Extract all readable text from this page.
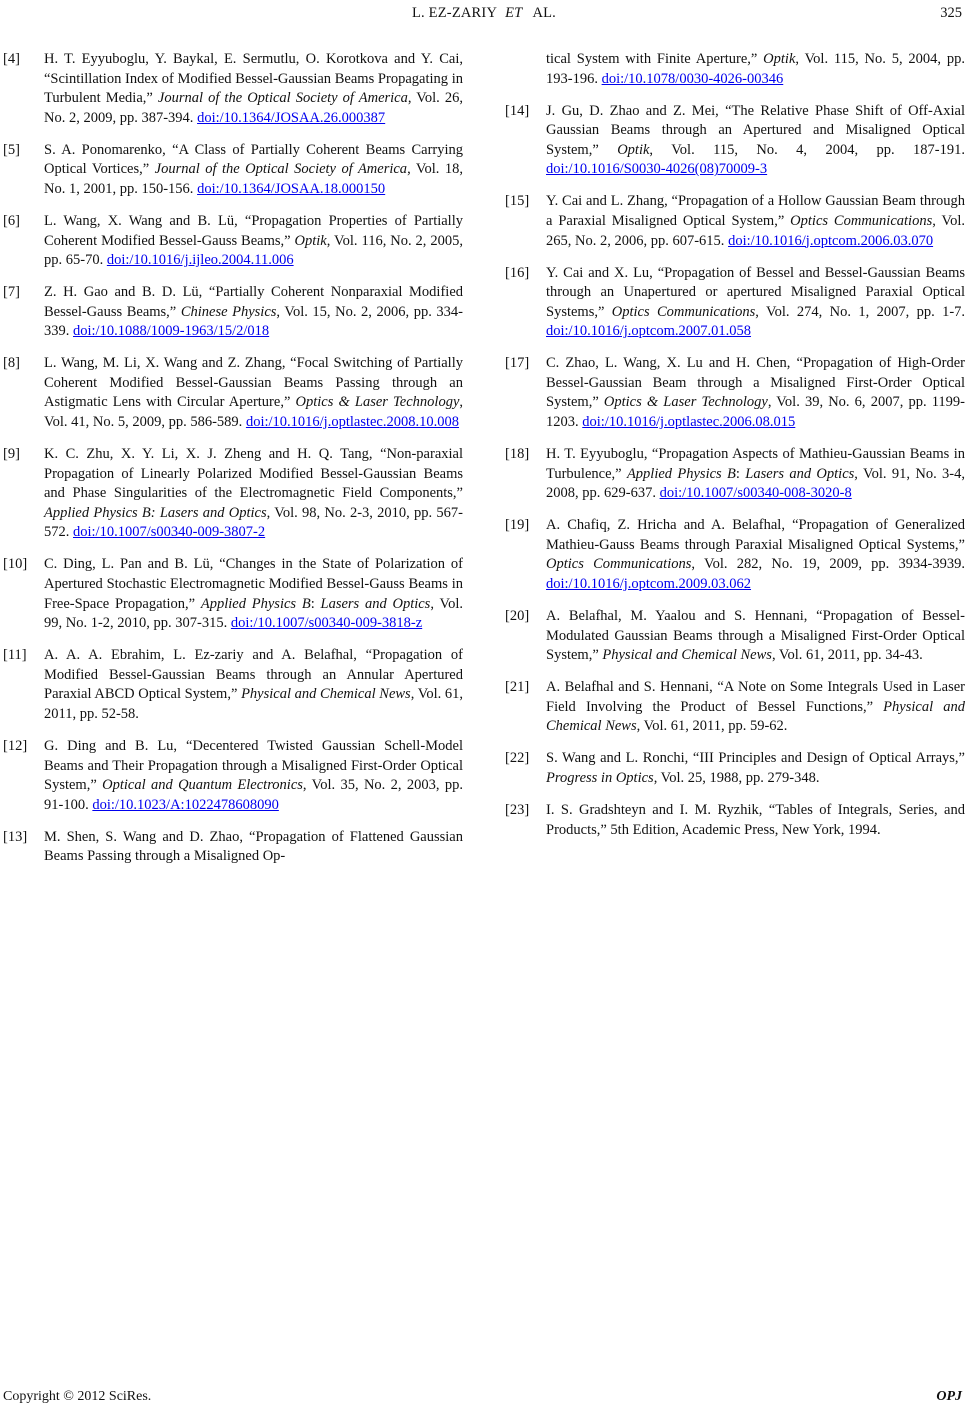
L. EZ-ZARIY ET AL.	325
[4] H. T. Eyyuboglu, Y. Baykal, E. Sermutlu, O. Korotkova and Y. Cai, “Scintillation Index of Modified Bessel-Gaussian Beams Propagating in Turbulent Media,” Journal of the Optical Society of America, Vol. 26, No. 2, 2009, pp. 387-394. doi:/10.1364/JOSAA.26.000387
[5] S. A. Ponomarenko, “A Class of Partially Coherent Beams Carrying Optical Vortices,” Journal of the Optical Society of America, Vol. 18, No. 1, 2001, pp. 150-156. doi:/10.1364/JOSAA.18.000150
[6] L. Wang, X. Wang and B. Lü, “Propagation Properties of Partially Coherent Modified Bessel-Gauss Beams,” Optik, Vol. 116, No. 2, 2005, pp. 65-70. doi:/10.1016/j.ijleo.2004.11.006
[7] Z. H. Gao and B. D. Lü, “Partially Coherent Nonparaxial Modified Bessel-Gauss Beams,” Chinese Physics, Vol. 15, No. 2, 2006, pp. 334-339. doi:/10.1088/1009-1963/15/2/018
[8] L. Wang, M. Li, X. Wang and Z. Zhang, “Focal Switching of Partially Coherent Modified Bessel-Gaussian Beams Passing through an Astigmatic Lens with Circular Aperture,” Optics & Laser Technology, Vol. 41, No. 5, 2009, pp. 586-589. doi:/10.1016/j.optlastec.2008.10.008
[9] K. C. Zhu, X. Y. Li, X. J. Zheng and H. Q. Tang, “Non-paraxial Propagation of Linearly Polarized Modified Bessel-Gaussian Beams and Phase Singularities of the Electromagnetic Field Components,” Applied Physics B: Lasers and Optics, Vol. 98, No. 2-3, 2010, pp. 567-572. doi:/10.1007/s00340-009-3807-2
[10] C. Ding, L. Pan and B. Lü, “Changes in the State of Polarization of Apertured Stochastic Electromagnetic Modified Bessel-Gauss Beams in Free-Space Propagation,” Applied Physics B: Lasers and Optics, Vol. 99, No. 1-2, 2010, pp. 307-315. doi:/10.1007/s00340-009-3818-z
[11] A. A. A. Ebrahim, L. Ez-zariy and A. Belafhal, “Propagation of Modified Bessel-Gaussian Beams through an Annular Apertured Paraxial ABCD Optical System,” Physical and Chemical News, Vol. 61, 2011, pp. 52-58.
[12] G. Ding and B. Lu, “Decentered Twisted Gaussian Schell-Model Beams and Their Propagation through a Misaligned First-Order Optical System,” Optical and Quantum Electronics, Vol. 35, No. 2, 2003, pp. 91-100. doi:/10.1023/A:1022478608090
[13] M. Shen, S. Wang and D. Zhao, “Propagation of Flattened Gaussian Beams Passing through a Misaligned Op-
tical System with Finite Aperture,” Optik, Vol. 115, No. 5, 2004, pp. 193-196. doi:/10.1078/0030-4026-00346
[14] J. Gu, D. Zhao and Z. Mei, “The Relative Phase Shift of Off-Axial Gaussian Beams through an Apertured and Misaligned Optical System,” Optik, Vol. 115, No. 4, 2004, pp. 187-191. doi:/10.1016/S0030-4026(08)70009-3
[15] Y. Cai and L. Zhang, “Propagation of a Hollow Gaussian Beam through a Paraxial Misaligned Optical System,” Optics Communications, Vol. 265, No. 2, 2006, pp. 607-615. doi:/10.1016/j.optcom.2006.03.070
[16] Y. Cai and X. Lu, “Propagation of Bessel and Bessel-Gaussian Beams through an Unapertured or apertured Misaligned Paraxial Optical Systems,” Optics Communications, Vol. 274, No. 1, 2007, pp. 1-7. doi:/10.1016/j.optcom.2007.01.058
[17] C. Zhao, L. Wang, X. Lu and H. Chen, “Propagation of High-Order Bessel-Gaussian Beam through a Misaligned First-Order Optical System,” Optics & Laser Technology, Vol. 39, No. 6, 2007, pp. 1199-1203. doi:/10.1016/j.optlastec.2006.08.015
[18] H. T. Eyyuboglu, “Propagation Aspects of Mathieu-Gaussian Beams in Turbulence,” Applied Physics B: Lasers and Optics, Vol. 91, No. 3-4, 2008, pp. 629-637. doi:/10.1007/s00340-008-3020-8
[19] A. Chafiq, Z. Hricha and A. Belafhal, “Propagation of Generalized Mathieu-Gauss Beams through Paraxial Misaligned Optical Systems,” Optics Communications, Vol. 282, No. 19, 2009, pp. 3934-3939. doi:/10.1016/j.optcom.2009.03.062
[20] A. Belafhal, M. Yaalou and S. Hennani, “Propagation of Bessel-Modulated Gaussian Beams through a Misaligned First-Order Optical System,” Physical and Chemical News, Vol. 61, 2011, pp. 34-43.
[21] A. Belafhal and S. Hennani, “A Note on Some Integrals Used in Laser Field Involving the Product of Bessel Functions,” Physical and Chemical News, Vol. 61, 2011, pp. 59-62.
[22] S. Wang and L. Ronchi, “III Principles and Design of Optical Arrays,” Progress in Optics, Vol. 25, 1988, pp. 279-348.
[23] I. S. Gradshteyn and I. M. Ryzhik, “Tables of Integrals, Series, and Products,” 5th Edition, Academic Press, New York, 1994.
Copyright © 2012 SciRes.	OPJ
